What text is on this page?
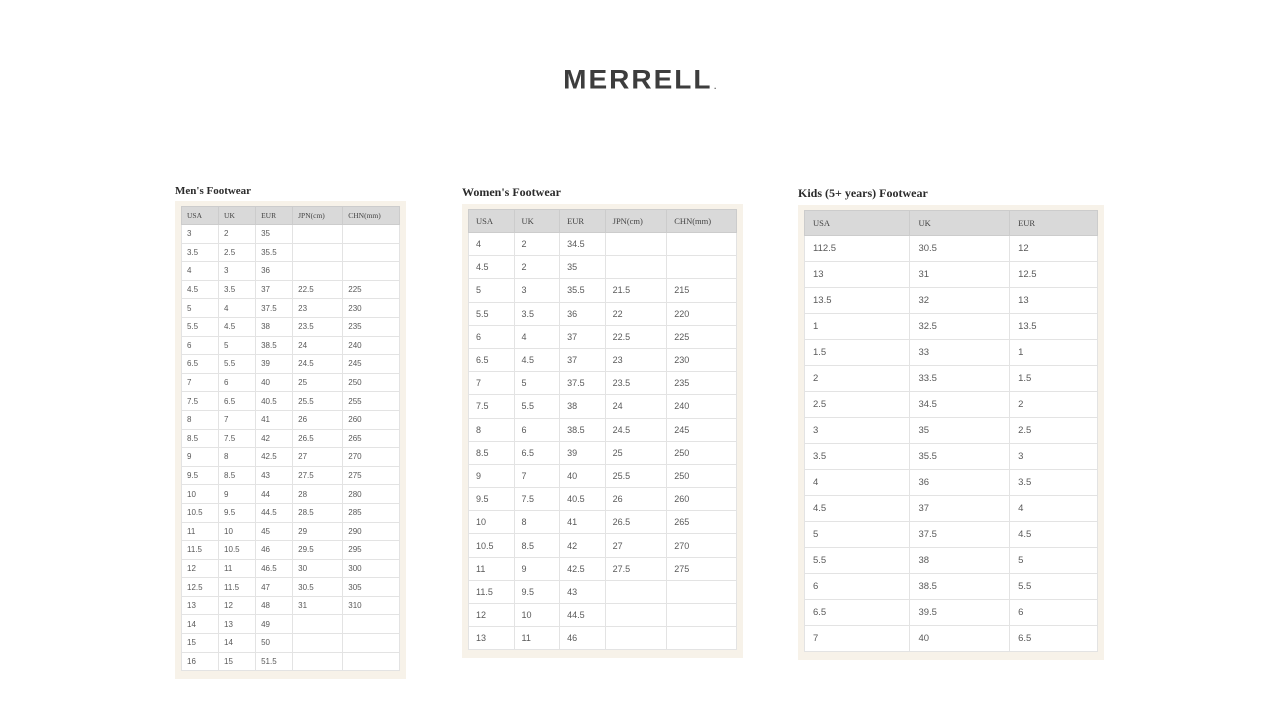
MERRELL.
Men's Footwear
USA	UK	EUR	JPN(cm)	CHN(mm)
3	2	35		
3.5	2.5	35.5		
4	3	36		
4.5	3.5	37	22.5	225
5	4	37.5	23	230
5.5	4.5	38	23.5	235
6	5	38.5	24	240
6.5	5.5	39	24.5	245
7	6	40	25	250
7.5	6.5	40.5	25.5	255
8	7	41	26	260
8.5	7.5	42	26.5	265
9	8	42.5	27	270
9.5	8.5	43	27.5	275
10	9	44	28	280
10.5	9.5	44.5	28.5	285
11	10	45	29	290
11.5	10.5	46	29.5	295
12	11	46.5	30	300
12.5	11.5	47	30.5	305
13	12	48	31	310
14	13	49		
15	14	50		
16	15	51.5		
Women's Footwear
USA	UK	EUR	JPN(cm)	CHN(mm)
4	2	34.5		
4.5	2	35		
5	3	35.5	21.5	215
5.5	3.5	36	22	220
6	4	37	22.5	225
6.5	4.5	37	23	230
7	5	37.5	23.5	235
7.5	5.5	38	24	240
8	6	38.5	24.5	245
8.5	6.5	39	25	250
9	7	40	25.5	250
9.5	7.5	40.5	26	260
10	8	41	26.5	265
10.5	8.5	42	27	270
11	9	42.5	27.5	275
11.5	9.5	43		
12	10	44.5		
13	11	46		
Kids (5+ years) Footwear
USA	UK	EUR
112.5	30.5	12
13	31	12.5
13.5	32	13
1	32.5	13.5
1.5	33	1
2	33.5	1.5
2.5	34.5	2
3	35	2.5
3.5	35.5	3
4	36	3.5
4.5	37	4
5	37.5	4.5
5.5	38	5
6	38.5	5.5
6.5	39.5	6
7	40	6.5
